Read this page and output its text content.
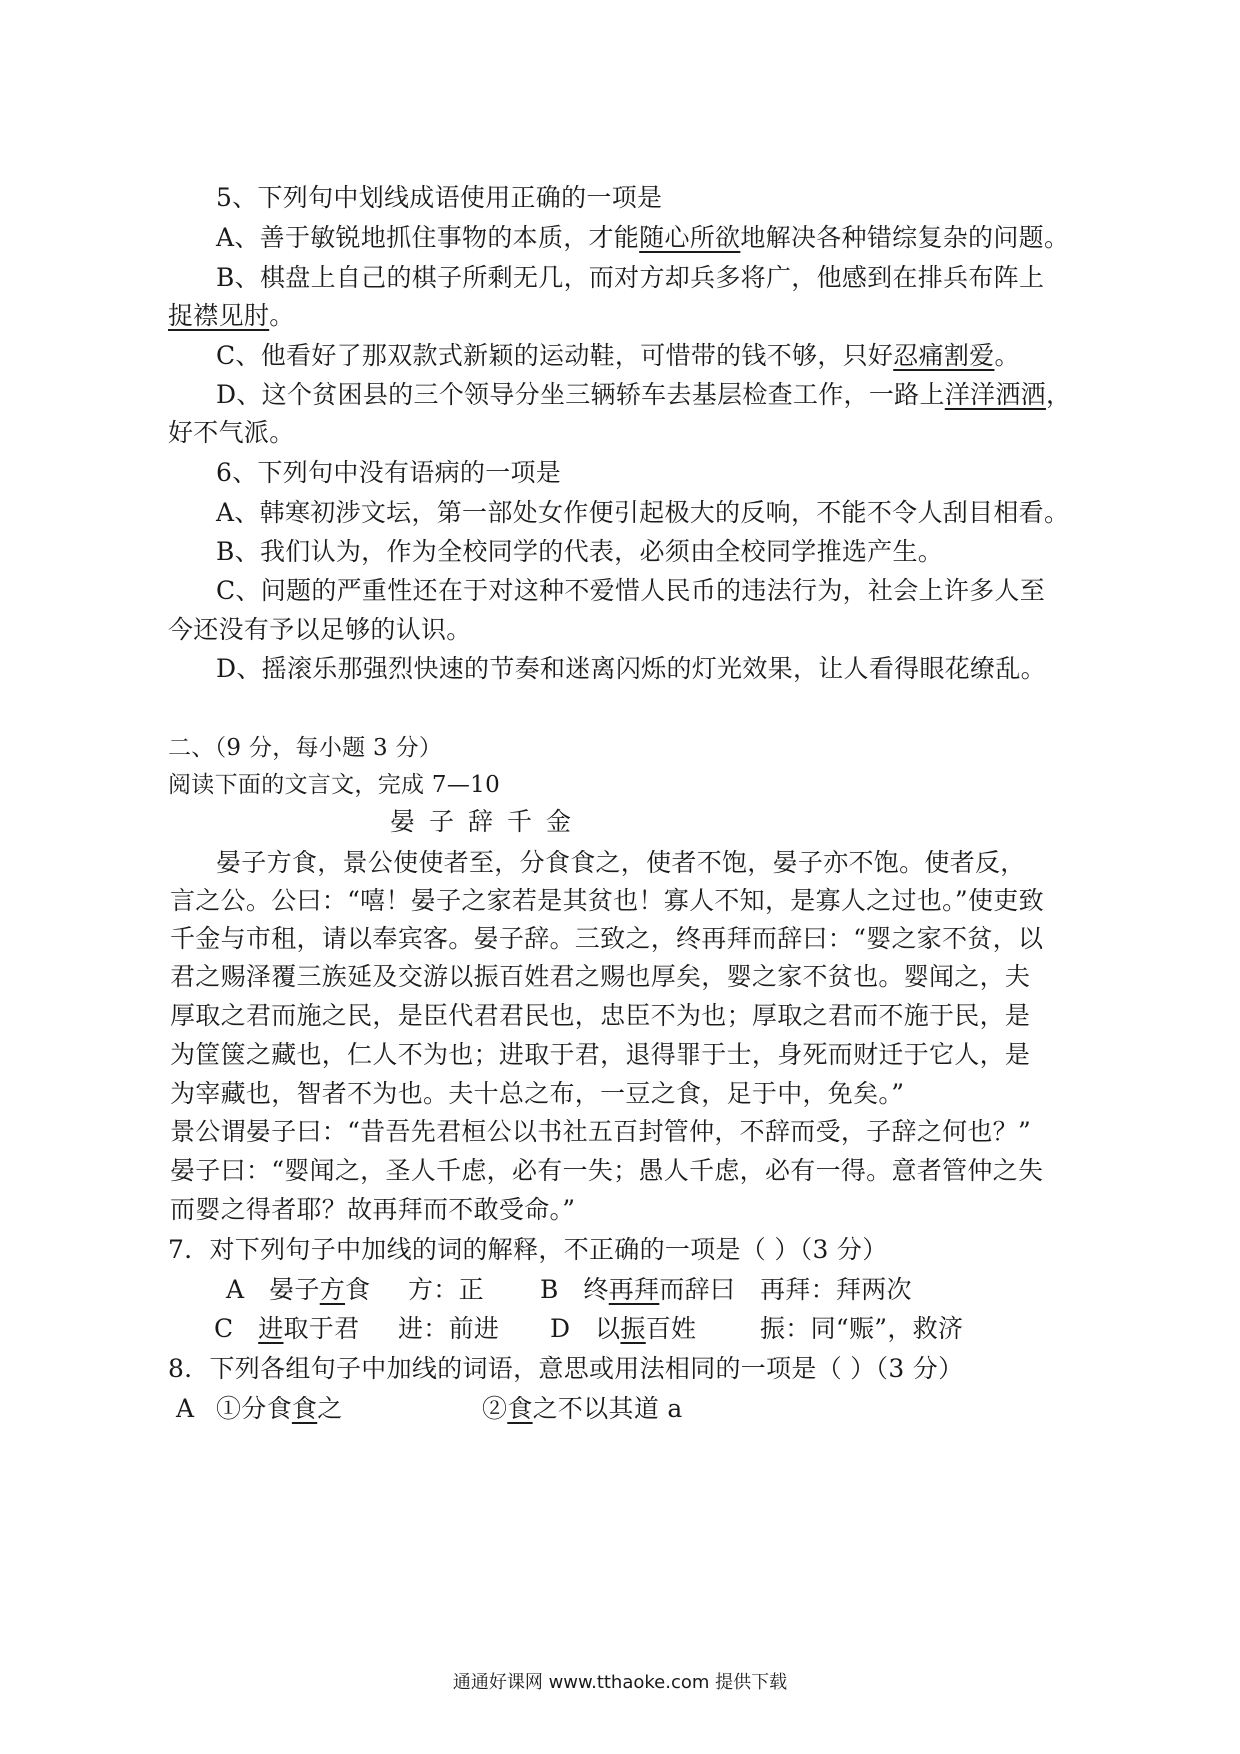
5、下列句中划线成语使用正确的一项是
A、善于敏锐地抓住事物的本质，才能随心所欲地解决各种错综复杂的问题。
B、棋盘上自己的棋子所剩无几，而对方却兵多将广，他感到在排兵布阵上
捉襟见肘。
C、他看好了那双款式新颖的运动鞋，可惜带的钱不够，只好忍痛割爱。
D、这个贫困县的三个领导分坐三辆轿车去基层检查工作，一路上洋洋洒洒，
好不气派。
6、下列句中没有语病的一项是
A、韩寒初涉文坛，第一部处女作便引起极大的反响，不能不令人刮目相看。
B、我们认为，作为全校同学的代表，必须由全校同学推选产生。
C、问题的严重性还在于对这种不爱惜人民币的违法行为，社会上许多人至
今还没有予以足够的认识。
D、摇滚乐那强烈快速的节奏和迷离闪烁的灯光效果，让人看得眼花缭乱。
二、（9 分，每小题 3 分）
阅读下面的文言文，完成 7—10
晏子辞千金
晏子方食，景公使使者至，分食食之，使者不饱，晏子亦不饱。使者反，
言之公。公曰：“嘻！晏子之家若是其贫也！寡人不知，是寡人之过也。”使吏致
千金与市租，请以奉宾客。晏子辞。三致之，终再拜而辞曰：“婴之家不贫，以
君之赐泽覆三族延及交游以振百姓君之赐也厚矣，婴之家不贫也。婴闻之，夫
厚取之君而施之民，是臣代君君民也，忠臣不为也；厚取之君而不施于民，是
为筐箧之藏也，仁人不为也；进取于君，退得罪于士，身死而财迁于它人，是
为宰藏也，智者不为也。夫十总之布，一豆之食，足于中，免矣。”
景公谓晏子曰：“昔吾先君桓公以书社五百封管仲，不辞而受，子辞之何也？”
晏子曰：“婴闻之，圣人千虑，必有一失；愚人千虑，必有一得。意者管仲之失
而婴之得者耶？故再拜而不敢受命。”
7．对下列句子中加线的词的解释，不正确的一项是（ ）（3 分）
A 晏子方食 方：正 B 终再拜而辞曰 再拜：拜两次
C 进取于君 进：前进 D 以振百姓	振：同“赈”，救济
8．下列各组句子中加线的词语，意思或用法相同的一项是（ ）（3 分）
A ①分食食之	②食之不以其道 a
通通好课网 www.tthaoke.com 提供下载
